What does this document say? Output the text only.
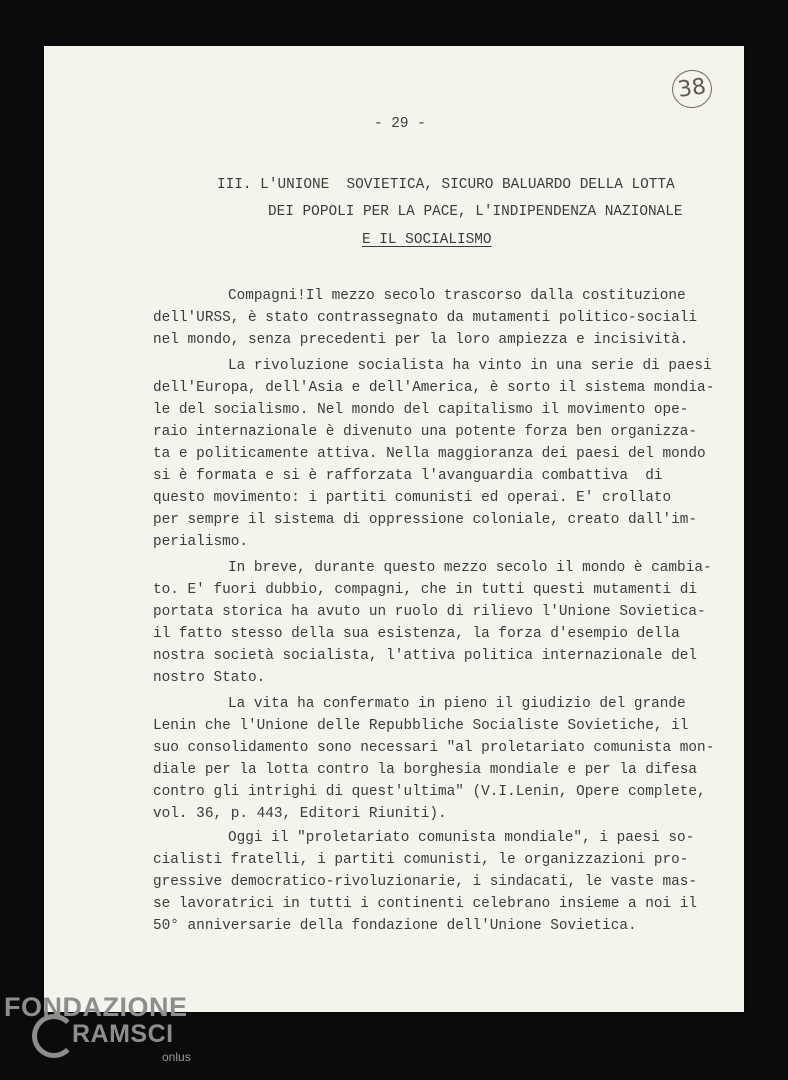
38
- 29 -
III. L'UNIONE  SOVIETICA, SICURO BALUARDO DELLA LOTTA
DEI POPOLI PER LA PACE, L'INDIPENDENZA NAZIONALE
E IL SOCIALISMO
Compagni!Il mezzo secolo trascorso dalla costituzione
dell'URSS, è stato contrassegnato da mutamenti politico-sociali
nel mondo, senza precedenti per la loro ampiezza e incisività.
La rivoluzione socialista ha vinto in una serie di paesi
dell'Europa, dell'Asia e dell'America, è sorto il sistema mondia-
le del socialismo. Nel mondo del capitalismo il movimento ope-
raio internazionale è divenuto una potente forza ben organizza-
ta e politicamente attiva. Nella maggioranza dei paesi del mondo
si è formata e si è rafforzata l'avanguardia combattiva  di
questo movimento: i partiti comunisti ed operai. E' crollato
per sempre il sistema di oppressione coloniale, creato dall'im-
perialismo.
In breve, durante questo mezzo secolo il mondo è cambia-
to. E' fuori dubbio, compagni, che in tutti questi mutamenti di
portata storica ha avuto un ruolo di rilievo l'Unione Sovietica-
il fatto stesso della sua esistenza, la forza d'esempio della
nostra società socialista, l'attiva politica internazionale del
nostro Stato.
La vita ha confermato in pieno il giudizio del grande
Lenin che l'Unione delle Repubbliche Socialiste Sovietiche, il
suo consolidamento sono necessari "al proletariato comunista mon-
diale per la lotta contro la borghesia mondiale e per la difesa
contro gli intrighi di quest'ultima" (V.I.Lenin, Opere complete,
vol. 36, p. 443, Editori Riuniti).
Oggi il "proletariato comunista mondiale", i paesi so-
cialisti fratelli, i partiti comunisti, le organizzazioni pro-
gressive democratico-rivoluzionarie, i sindacati, le vaste mas-
se lavoratrici in tutti i continenti celebrano insieme a noi il
50° anniversarie della fondazione dell'Unione Sovietica.
FONDAZIONE
RAMSCI
onlus
